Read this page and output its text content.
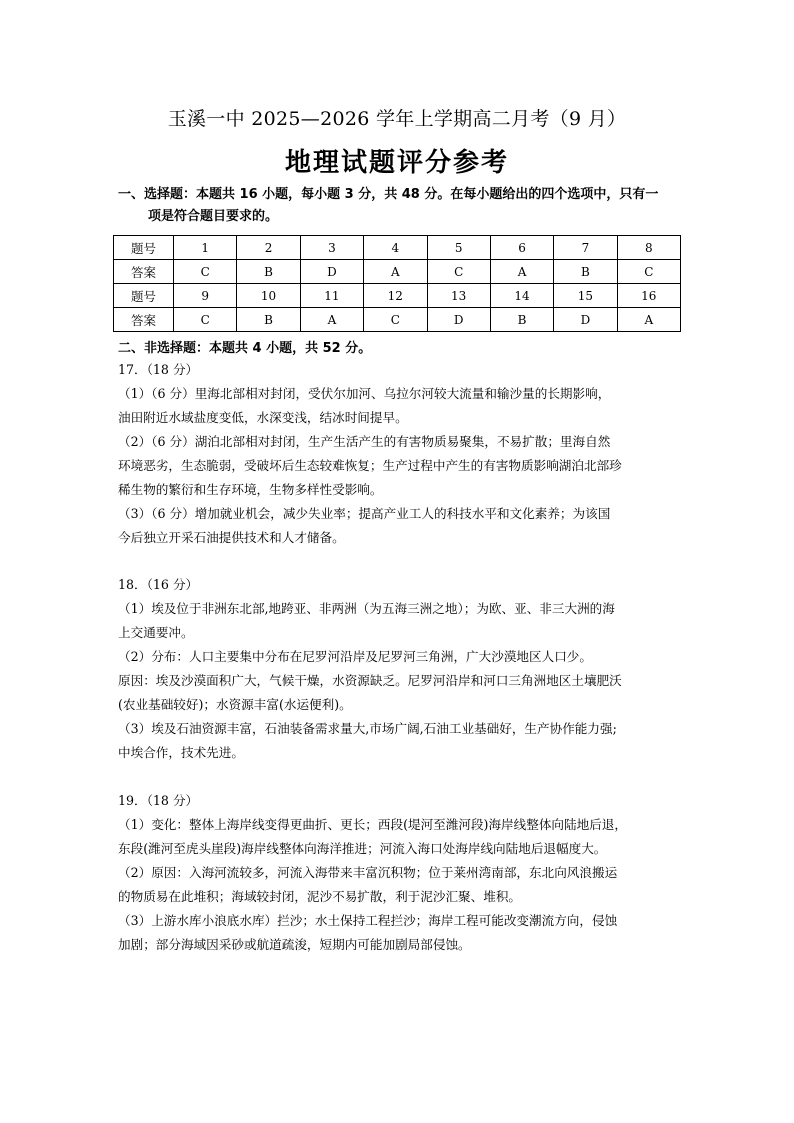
玉溪一中 2025—2026 学年上学期高二月考（9 月）
地理试题评分参考
一、选择题：本题共 16 小题，每小题 3 分，共 48 分。在每小题给出的四个选项中，只有一
项是符合题目要求的。
题号	1	2	3	4	5	6	7	8
答案	C	B	D	A	C	A	B	C
题号	9	10	11	12	13	14	15	16
答案	C	B	A	C	D	B	D	A
二、非选择题：本题共 4 小题，共 52 分。

17．（18 分）

（1）（6 分）里海北部相对封闭，受伏尔加河、乌拉尔河较大流量和输沙量的长期影响，

油田附近水域盐度变低，水深变浅，结冰时间提早。

（2）（6 分）湖泊北部相对封闭，生产生活产生的有害物质易聚集，不易扩散；里海自然

环境恶劣，生态脆弱，受破坏后生态较难恢复；生产过程中产生的有害物质影响湖泊北部珍

稀生物的繁衍和生存环境，生物多样性受影响。

（3）（6 分）增加就业机会，减少失业率；提高产业工人的科技水平和文化素养；为该国

今后独立开采石油提供技术和人才储备。

18．（16 分）

（1）埃及位于非洲东北部,地跨亚、非两洲（为五海三洲之地）；为欧、亚、非三大洲的海

上交通要冲。

（2）分布：人口主要集中分布在尼罗河沿岸及尼罗河三角洲，广大沙漠地区人口少。

原因：埃及沙漠面积广大，气候干燥，水资源缺乏。尼罗河沿岸和河口三角洲地区土壤肥沃

(农业基础较好)；水资源丰富(水运便利)。

（3）埃及石油资源丰富，石油装备需求量大,市场广阔,石油工业基础好，生产协作能力强;

中埃合作，技术先进。

19．（18 分）

（1）变化：整体上海岸线变得更曲折、更长；西段(堤河至潍河段)海岸线整体向陆地后退，

东段(潍河至虎头崖段)海岸线整体向海洋推进；河流入海口处海岸线向陆地后退幅度大。

（2）原因：入海河流较多，河流入海带来丰富沉积物；位于莱州湾南部，东北向风浪搬运

的物质易在此堆积；海域较封闭，泥沙不易扩散，利于泥沙汇聚、堆积。

（3）上游水库小浪底水库）拦沙；水土保持工程拦沙；海岸工程可能改变潮流方向，侵蚀

加剧；部分海域因采砂或航道疏浚，短期内可能加剧局部侵蚀。
